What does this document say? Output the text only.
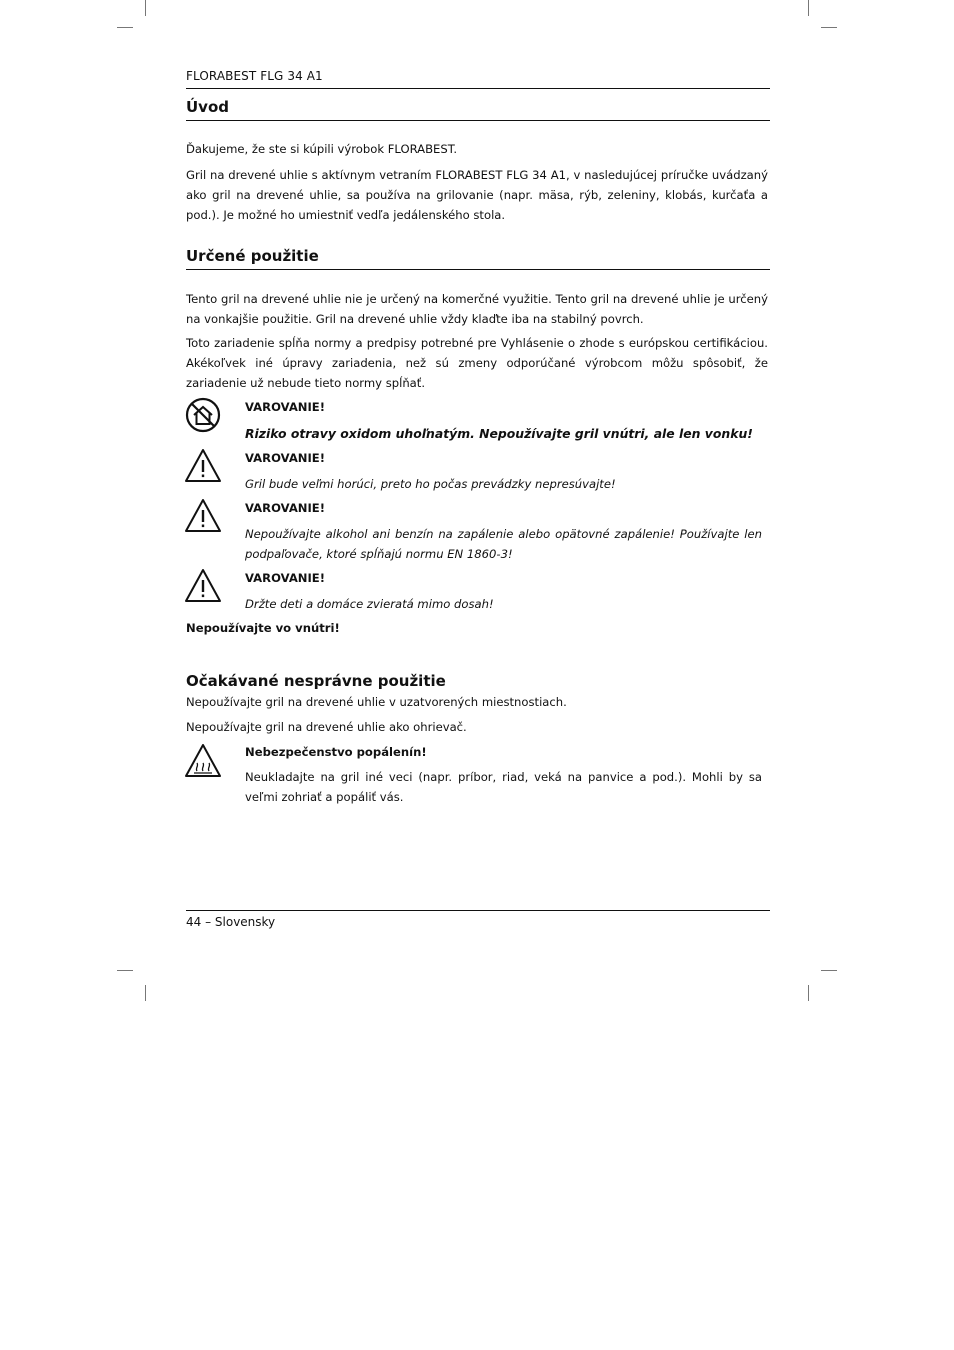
FLORABEST FLG 34 A1
Úvod
Ďakujeme, že ste si kúpili výrobok FLORABEST.
Gril na drevené uhlie s aktívnym vetraním FLORABEST FLG 34 A1, v nasledujúcej príručke uvádzaný ako gril na drevené uhlie, sa používa na grilovanie (napr. mäsa, rýb, zeleniny, klobás, kurčaťa a pod.). Je možné ho umiestniť vedľa jedálenského stola.
Určené použitie
Tento gril na drevené uhlie nie je určený na komerčné využitie. Tento gril na drevené uhlie je určený na vonkajšie použitie. Gril na drevené uhlie vždy klaďte iba na stabilný povrch.
Toto zariadenie spĺňa normy a predpisy potrebné pre Vyhlásenie o zhode s európskou certifikáciou. Akékoľvek iné úpravy zariadenia, než sú zmeny odporúčané výrobcom môžu spôsobiť, že zariadenie už nebude tieto normy spĺňať.
VAROVANIE!
Riziko otravy oxidom uhoľnatým. Nepoužívajte gril vnútri, ale len vonku!
VAROVANIE!
Gril bude veľmi horúci, preto ho počas prevádzky nepresúvajte!
VAROVANIE!
Nepoužívajte alkohol ani benzín na zapálenie alebo opätovné zapálenie! Používajte len podpaľovače, ktoré spĺňajú normu EN 1860-3!
VAROVANIE!
Držte deti a domáce zvieratá mimo dosah!
Nepoužívajte vo vnútri!
Očakávané nesprávne použitie
Nepoužívajte gril na drevené uhlie v uzatvorených miestnostiach.
Nepoužívajte gril na drevené uhlie ako ohrievač.
Nebezpečenstvo popálenín!
Neukladajte na gril iné veci (napr. príbor, riad, veká na panvice a pod.). Mohli by sa veľmi zohriať a popáliť vás.
44 – Slovensky
